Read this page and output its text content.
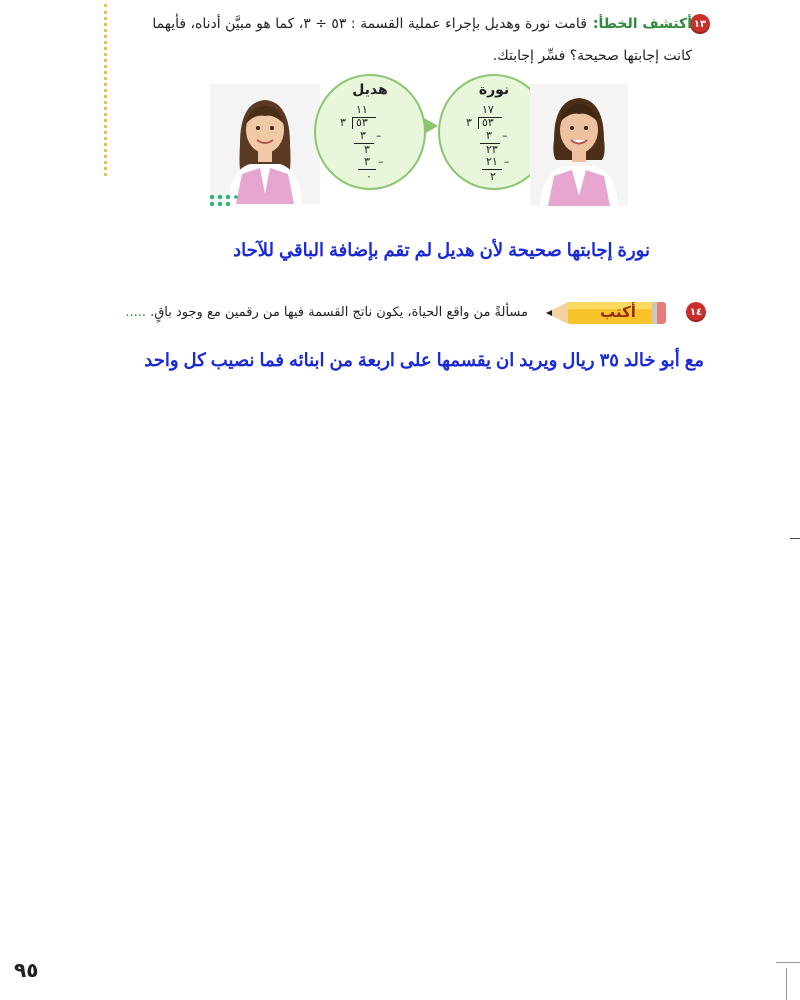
١٣
أكتشف الخطأ:قامت نورة وهديل بإجراء عملية القسمة : ٥٣ ÷ ٣، كما هو مبيَّن أدناه، فأيهما
كانت إجابتها صحيحة؟ فسِّر إجابتك.
هديل
١١
٣ ٥٣
٣ –
٣
٣ –
٠
نورة
١٧
٣ ٥٣
٣ –
٢٣
٢١ –
٢
نورة إجابتها صحيحة لأن هديل لم تقم بإضافة الباقي للآحاد
١٤
أكتب
مسألةً من واقع الحياة، يكون ناتج القسمة فيها من رقمين مع وجود باقٍ......
مع أبو خالد ٣٥ ريال ويريد ان يقسمها على اربعة من ابنائه فما نصيب كل واحد
٩٥
